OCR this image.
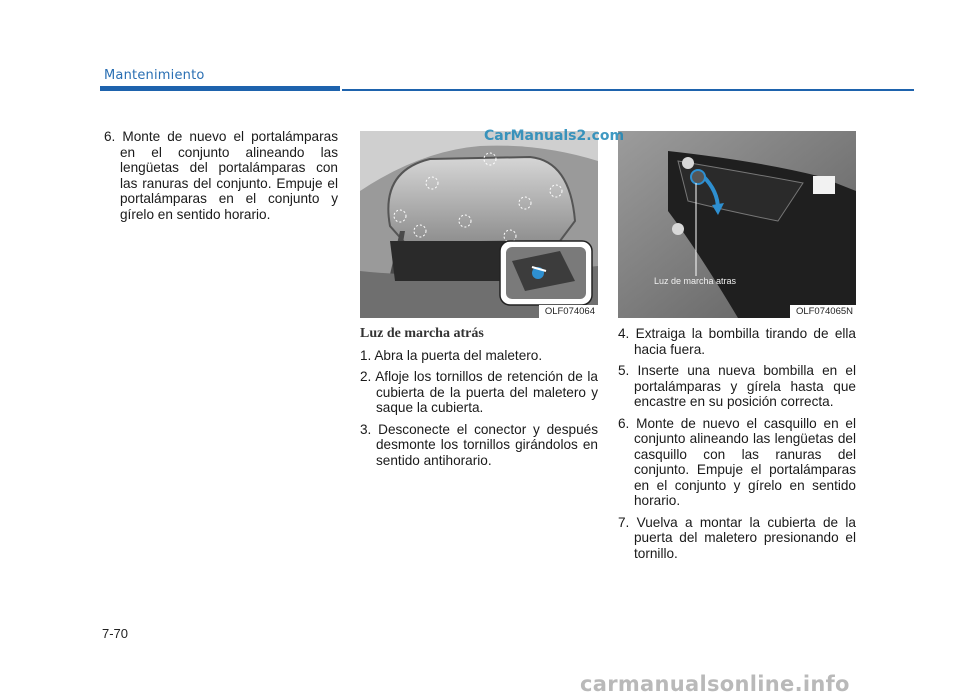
Mantenimiento

6. Monte de nuevo el portalámparas en el conjunto alineando las lengüetas del portalámparas con las ranuras del conjunto. Empuje el portalámparas en el conjunto y gírelo en sentido horario.

OLF074064	OLF074065N
Luz de marcha atras
Luz de marcha atrás

1. Abra la puerta del maletero.

2. Afloje los tornillos de retención de la cubierta de la puerta del maletero y saque la cubierta.

3. Desconecte el conector y después desmonte los tornillos girándolos en sentido antihorario.

4. Extraiga la bombilla tirando de ella hacia fuera.

5. Inserte una nueva bombilla en el portalámparas y gírela hasta que encastre en su posición correcta.

6. Monte de nuevo el casquillo en el conjunto alineando las lengüetas del casquillo con las ranuras del conjunto. Empuje el portalámparas en el conjunto y gírelo en sentido horario.

7. Vuelva a montar la cubierta de la puerta del maletero presionando el tornillo.

7-70
CarManuals2.com
carmanualsonline.info
